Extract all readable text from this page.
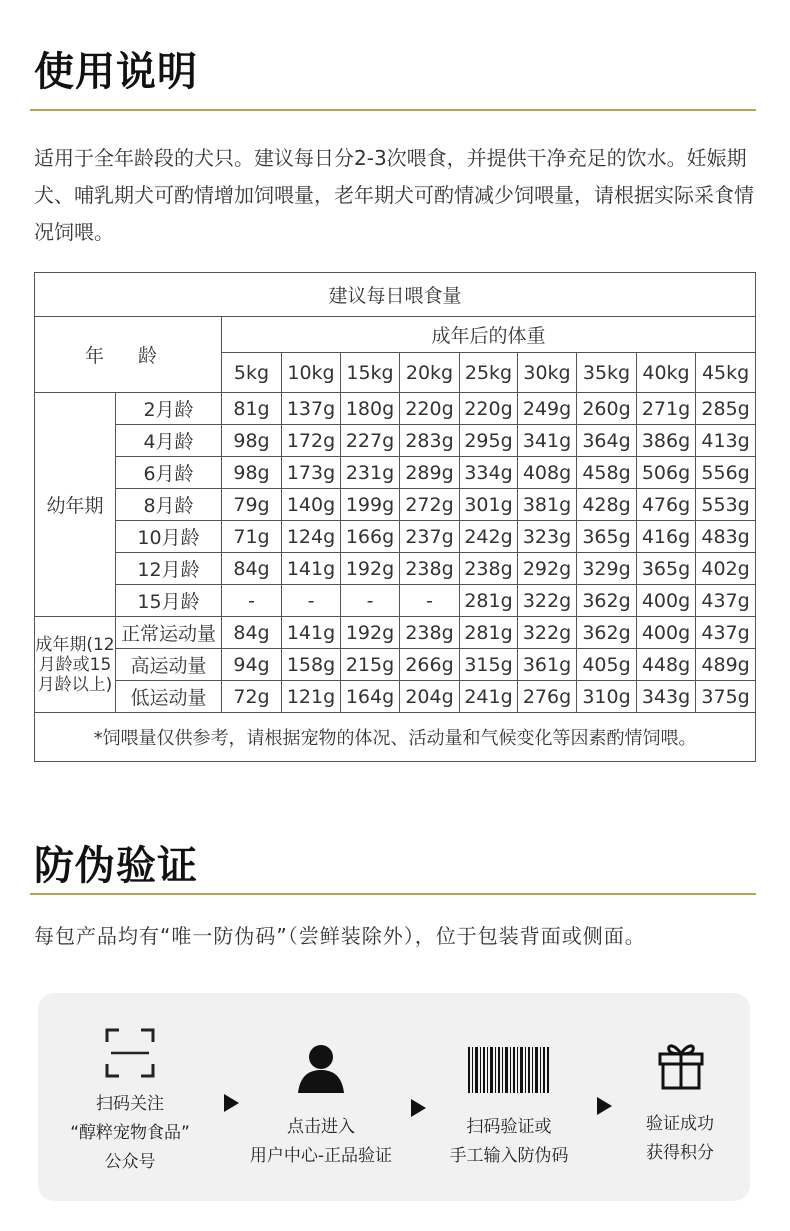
使用说明
适用于全年龄段的犬只。建议每日分2-3次喂食，并提供干净充足的饮水。妊娠期犬、哺乳期犬可酌情增加饲喂量，老年期犬可酌情减少饲喂量，请根据实际采食情况饲喂。
建议每日喂食量										
年 龄		成年后的体重								
		5kg	10kg	15kg	20kg	25kg	30kg	35kg	40kg	45kg
幼年期	2月龄	81g	137g	180g	220g	220g	249g	260g	271g	285g
	4月龄	98g	172g	227g	283g	295g	341g	364g	386g	413g
	6月龄	98g	173g	231g	289g	334g	408g	458g	506g	556g
	8月龄	79g	140g	199g	272g	301g	381g	428g	476g	553g
	10月龄	71g	124g	166g	237g	242g	323g	365g	416g	483g
	12月龄	84g	141g	192g	238g	238g	292g	329g	365g	402g
	15月龄	-	-	-	-	281g	322g	362g	400g	437g
成年期(12月龄或15月龄以上)	正常运动量	84g	141g	192g	238g	281g	322g	362g	400g	437g
	高运动量	94g	158g	215g	266g	315g	361g	405g	448g	489g
	低运动量	72g	121g	164g	204g	241g	276g	310g	343g	375g
*饲喂量仅供参考，请根据宠物的体况、活动量和气候变化等因素酌情饲喂。										
防伪验证
每包产品均有“唯一防伪码”（尝鲜装除外），位于包装背面或侧面。
扫码关注
“醇粹宠物食品”
公众号
点击进入
用户中心-正品验证
扫码验证或
手工输入防伪码
验证成功
获得积分
